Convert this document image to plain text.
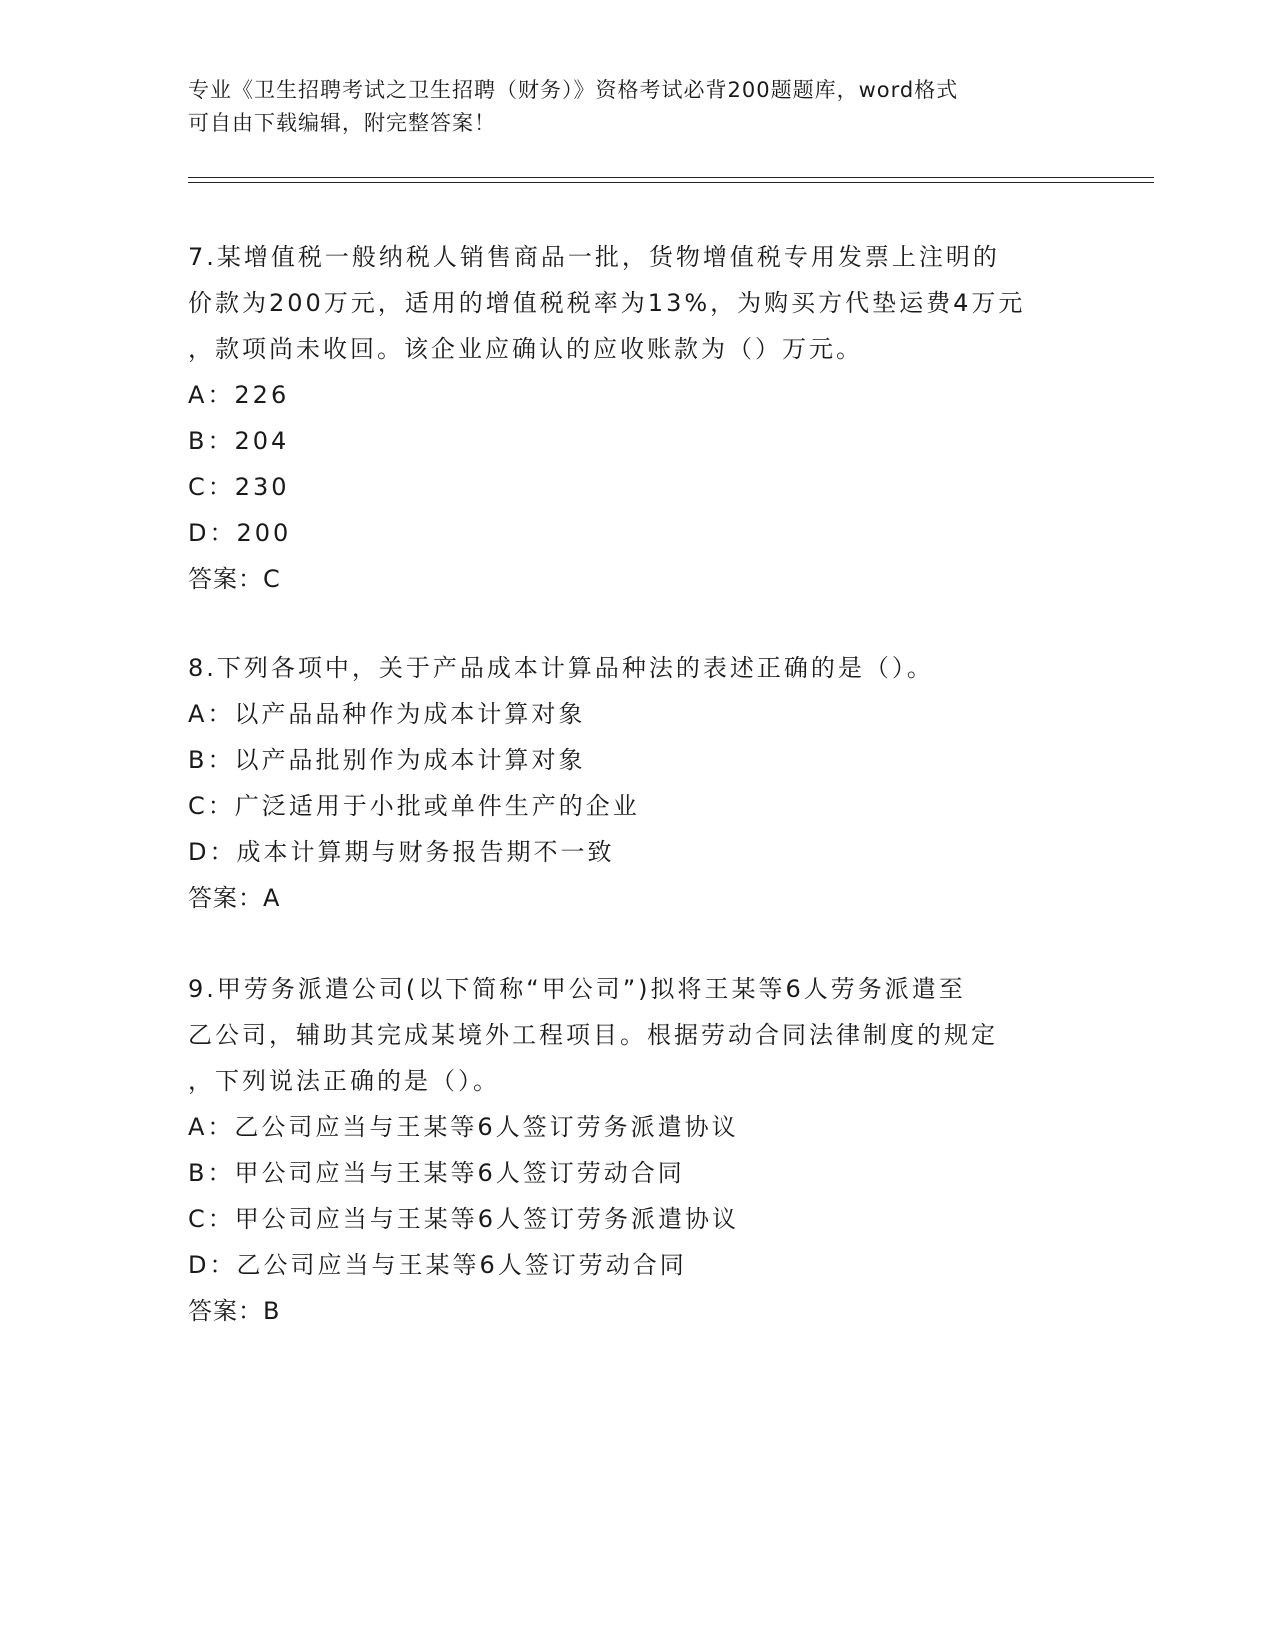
专业《卫生招聘考试之卫生招聘（财务）》资格考试必背200题题库，word格式
可自由下载编辑，附完整答案！

7.某增值税一般纳税人销售商品一批，货物增值税专用发票上注明的

价款为200万元，适用的增值税税率为13%，为购买方代垫运费4万元

，款项尚未收回。该企业应确认的应收账款为（）万元。

A：226

B：204

C：230

D：200

答案：C

8.下列各项中，关于产品成本计算品种法的表述正确的是（）。

A：以产品品种作为成本计算对象

B：以产品批别作为成本计算对象

C：广泛适用于小批或单件生产的企业

D：成本计算期与财务报告期不一致

答案：A

9.甲劳务派遣公司(以下简称“甲公司”)拟将王某等6人劳务派遣至

乙公司，辅助其完成某境外工程项目。根据劳动合同法律制度的规定

，下列说法正确的是（）。

A：乙公司应当与王某等6人签订劳务派遣协议

B：甲公司应当与王某等6人签订劳动合同

C：甲公司应当与王某等6人签订劳务派遣协议

D：乙公司应当与王某等6人签订劳动合同

答案：B
